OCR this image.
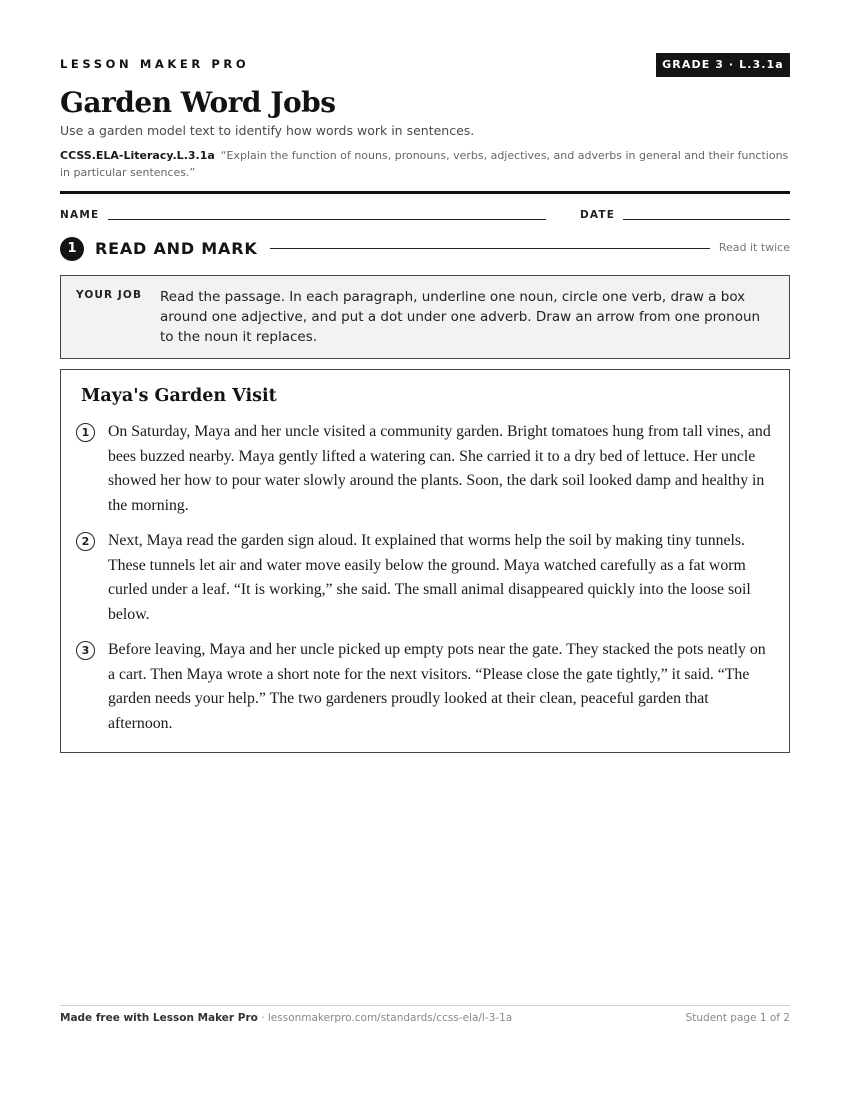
LESSON MAKER PRO	GRADE 3 · L.3.1a
Garden Word Jobs
Use a garden model text to identify how words work in sentences.
CCSS.ELA-Literacy.L.3.1a “Explain the function of nouns, pronouns, verbs, adjectives, and adverbs in general and their functions in particular sentences.”
NAME	DATE
1	READ AND MARK	Read it twice
YOUR JOB Read the passage. In each paragraph, underline one noun, circle one verb, draw a box around one adjective, and put a dot under one adverb. Draw an arrow from one pronoun to the noun it replaces.
Maya's Garden Visit
1	On Saturday, Maya and her uncle visited a community garden. Bright tomatoes hung from tall vines, and bees buzzed nearby. Maya gently lifted a watering can. She carried it to a dry bed of lettuce. Her uncle showed her how to pour water slowly around the plants. Soon, the dark soil looked damp and healthy in the morning.
2	Next, Maya read the garden sign aloud. It explained that worms help the soil by making tiny tunnels. These tunnels let air and water move easily below the ground. Maya watched carefully as a fat worm curled under a leaf. “It is working,” she said. The small animal disappeared quickly into the loose soil below.
3	Before leaving, Maya and her uncle picked up empty pots near the gate. They stacked the pots neatly on a cart. Then Maya wrote a short note for the next visitors. “Please close the gate tightly,” it said. “The garden needs your help.” The two gardeners proudly looked at their clean, peaceful garden that afternoon.
Made free with Lesson Maker Pro · lessonmakerpro.com/standards/ccss-ela/l-3-1a	Student page 1 of 2
